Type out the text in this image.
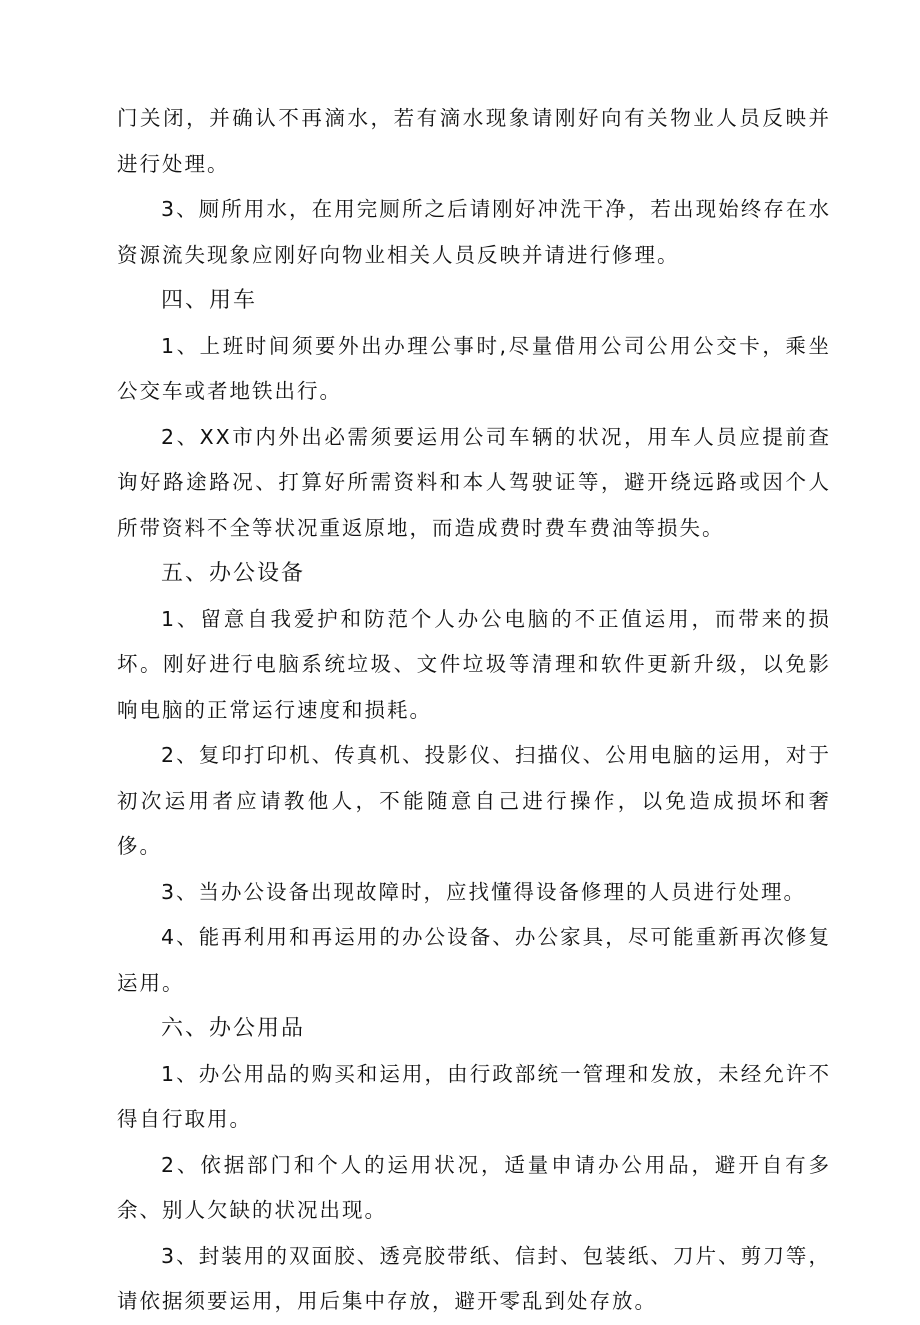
门关闭，并确认不再滴水，若有滴水现象请刚好向有关物业人员反映并进行处理。

3、厕所用水，在用完厕所之后请刚好冲洗干净，若出现始终存在水资源流失现象应刚好向物业相关人员反映并请进行修理。

四、用车

1、上班时间须要外出办理公事时,尽量借用公司公用公交卡，乘坐公交车或者地铁出行。

2、XX市内外出必需须要运用公司车辆的状况，用车人员应提前查询好路途路况、打算好所需资料和本人驾驶证等，避开绕远路或因个人所带资料不全等状况重返原地，而造成费时费车费油等损失。

五、办公设备

1、留意自我爱护和防范个人办公电脑的不正值运用，而带来的损坏。刚好进行电脑系统垃圾、文件垃圾等清理和软件更新升级，以免影响电脑的正常运行速度和损耗。

2、复印打印机、传真机、投影仪、扫描仪、公用电脑的运用，对于初次运用者应请教他人，不能随意自己进行操作，以免造成损坏和奢侈。

3、当办公设备出现故障时，应找懂得设备修理的人员进行处理。

4、能再利用和再运用的办公设备、办公家具，尽可能重新再次修复运用。

六、办公用品

1、办公用品的购买和运用，由行政部统一管理和发放，未经允许不得自行取用。

2、依据部门和个人的运用状况，适量申请办公用品，避开自有多余、别人欠缺的状况出现。

3、封装用的双面胶、透亮胶带纸、信封、包装纸、刀片、剪刀等，请依据须要运用，用后集中存放，避开零乱到处存放。
